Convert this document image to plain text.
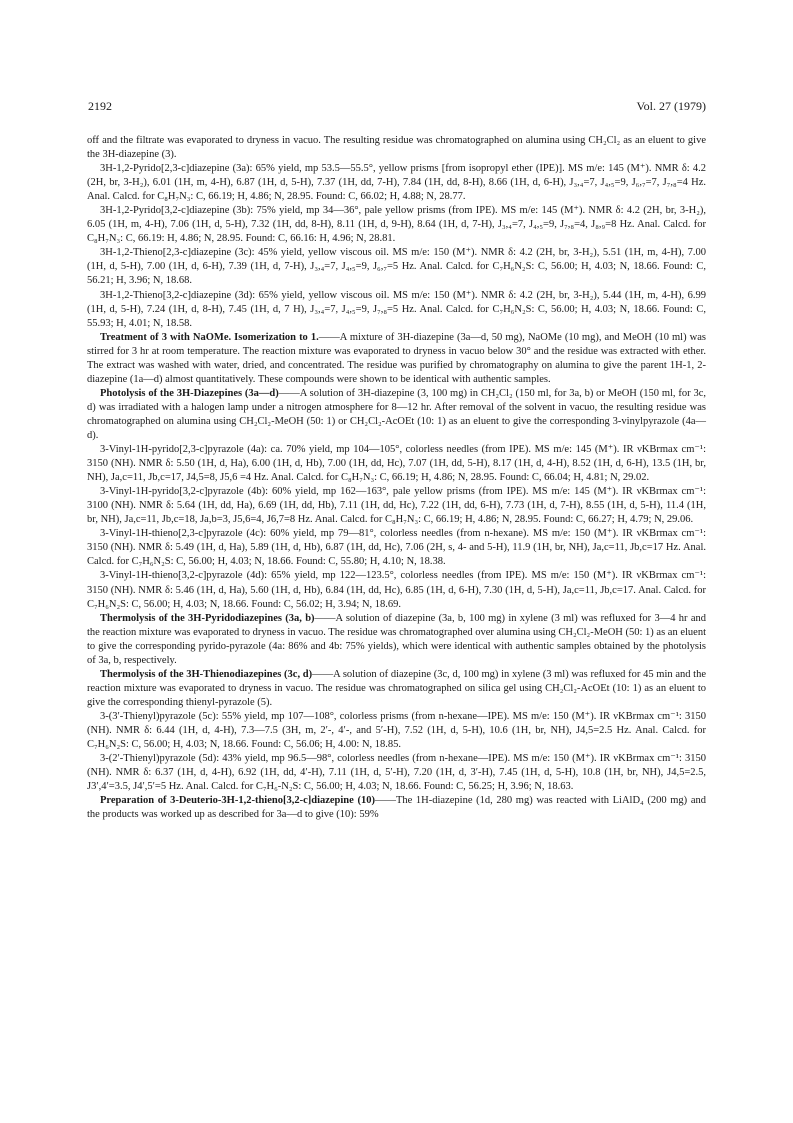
2192	Vol. 27 (1979)

off and the filtrate was evaporated to dryness in vacuo. The resulting residue was chromatographed on alumina using CH₂Cl₂ as an eluent to give the 3H-diazepine (3).

3H-1,2-Pyrido[2,3-c]diazepine (3a): 65% yield, mp 53.5—55.5°, yellow prisms [from isopropyl ether (IPE)]. MS m/e: 145 (M⁺). NMR δ: 4.2 (2H, br, 3-H₂), 6.01 (1H, m, 4-H), 6.87 (1H, d, 5-H), 7.37 (1H, dd, 7-H), 7.84 (1H, dd, 8-H), 8.66 (1H, d, 6-H), J₃,₄=7, J₄,₅=9, J₆,₇=7, J₇,₈=4 Hz. Anal. Calcd. for C₈H₇N₃: C, 66.19; H, 4.86; N, 28.95. Found: C, 66.02; H, 4.88; N, 28.77.

3H-1,2-Pyrido[3,2-c]diazepine (3b): 75% yield, mp 34—36°, pale yellow prisms (from IPE). MS m/e: 145 (M⁺). NMR δ: 4.2 (2H, br, 3-H₂), 6.05 (1H, m, 4-H), 7.06 (1H, d, 5-H), 7.32 (1H, dd, 8-H), 8.11 (1H, d, 9-H), 8.64 (1H, d, 7-H), J₃,₄=7, J₄,₅=9, J₇,₈=4, J₈,₉=8 Hz. Anal. Calcd. for C₈H₇N₃: C, 66.19: H, 4.86; N, 28.95. Found: C, 66.16: H, 4.96; N, 28.81.

3H-1,2-Thieno[2,3-c]diazepine (3c): 45% yield, yellow viscous oil. MS m/e: 150 (M⁺). NMR δ: 4.2 (2H, br, 3-H₂), 5.51 (1H, m, 4-H), 7.00 (1H, d, 5-H), 7.00 (1H, d, 6-H), 7.39 (1H, d, 7-H), J₃,₄=7, J₄,₅=9, J₆,₇=5 Hz. Anal. Calcd. for C₇H₆N₂S: C, 56.00; H, 4.03; N, 18.66. Found: C, 56.21; H, 3.96; N, 18.68.

3H-1,2-Thieno[3,2-c]diazepine (3d): 65% yield, yellow viscous oil. MS m/e: 150 (M⁺). NMR δ: 4.2 (2H, br, 3-H₂), 5.44 (1H, m, 4-H), 6.99 (1H, d, 5-H), 7.24 (1H, d, 8-H), 7.45 (1H, d, 7 H), J₃,₄=7, J₄,₅=9, J₇,₈=5 Hz. Anal. Calcd. for C₇H₆N₂S: C, 56.00; H, 4.03; N, 18.66. Found: C, 55.93; H, 4.01; N, 18.58.

Treatment of 3 with NaOMe. Isomerization to 1.——A mixture of 3H-diazepine (3a—d, 50 mg), NaOMe (10 mg), and MeOH (10 ml) was stirred for 3 hr at room temperature. The reaction mixture was evaporated to dryness in vacuo below 30° and the residue was extracted with ether. The extract was washed with water, dried, and concentrated. The residue was purified by chromatography on alumina to give the parent 1H-1, 2-diazepine (1a—d) almost quantitatively. These compounds were shown to be identical with authentic samples.

Photolysis of the 3H-Diazepines (3a—d)——A solution of 3H-diazepine (3, 100 mg) in CH₂Cl₂ (150 ml, for 3a, b) or MeOH (150 ml, for 3c, d) was irradiated with a halogen lamp under a nitrogen atmosphere for 8—12 hr. After removal of the solvent in vacuo, the resulting residue was chromatographed on alumina using CH₂Cl₂-MeOH (50: 1) or CH₂Cl₂-AcOEt (10: 1) as an eluent to give the corresponding 3-vinylpyrazole (4a—d).

3-Vinyl-1H-pyrido[2,3-c]pyrazole (4a): ca. 70% yield, mp 104—105°, colorless needles (from IPE). MS m/e: 145 (M⁺). IR νKBrmax cm⁻¹: 3150 (NH). NMR δ: 5.50 (1H, d, Ha), 6.00 (1H, d, Hb), 7.00 (1H, dd, Hc), 7.07 (1H, dd, 5-H), 8.17 (1H, d, 4-H), 8.52 (1H, d, 6-H), 13.5 (1H, br, NH), Ja,c=11, Jb,c=17, J4,5=8, J5,6 =4 Hz. Anal. Calcd. for C₈H₇N₃: C, 66.19; H, 4.86; N, 28.95. Found: C, 66.04; H, 4.81; N, 29.02.

3-Vinyl-1H-pyrido[3,2-c]pyrazole (4b): 60% yield, mp 162—163°, pale yellow prisms (from IPE). MS m/e: 145 (M⁺). IR νKBrmax cm⁻¹: 3100 (NH). NMR δ: 5.64 (1H, dd, Ha), 6.69 (1H, dd, Hb), 7.11 (1H, dd, Hc), 7.22 (1H, dd, 6-H), 7.73 (1H, d, 7-H), 8.55 (1H, d, 5-H), 11.4 (1H, br, NH), Ja,c=11, Jb,c=18, Ja,b=3, J5,6=4, J6,7=8 Hz. Anal. Calcd. for C₈H₇N₃: C, 66.19; H, 4.86; N, 28.95. Found: C, 66.27; H, 4.79; N, 29.06.

3-Vinyl-1H-thieno[2,3-c]pyrazole (4c): 60% yield, mp 79—81°, colorless needles (from n-hexane). MS m/e: 150 (M⁺). IR νKBrmax cm⁻¹: 3150 (NH). NMR δ: 5.49 (1H, d, Ha), 5.89 (1H, d, Hb), 6.87 (1H, dd, Hc), 7.06 (2H, s, 4- and 5-H), 11.9 (1H, br, NH), Ja,c=11, Jb,c=17 Hz. Anal. Calcd. for C₇H₆N₂S: C, 56.00; H, 4.03; N, 18.66. Found: C, 55.80; H, 4.10; N, 18.38.

3-Vinyl-1H-thieno[3,2-c]pyrazole (4d): 65% yield, mp 122—123.5°, colorless needles (from IPE). MS m/e: 150 (M⁺). IR νKBrmax cm⁻¹: 3150 (NH). NMR δ: 5.46 (1H, d, Ha), 5.60 (1H, d, Hb), 6.84 (1H, dd, Hc), 6.85 (1H, d, 6-H), 7.30 (1H, d, 5-H), Ja,c=11, Jb,c=17. Anal. Calcd. for C₇H₆N₂S: C, 56.00; H, 4.03; N, 18.66. Found: C, 56.02; H, 3.94; N, 18.69.

Thermolysis of the 3H-Pyridodiazepines (3a, b)——A solution of diazepine (3a, b, 100 mg) in xylene (3 ml) was refluxed for 3—4 hr and the reaction mixture was evaporated to dryness in vacuo. The residue was chromatographed over alumina using CH₂Cl₂-MeOH (50: 1) as an eluent to give the corresponding pyrido-pyrazole (4a: 86% and 4b: 75% yields), which were identical with authentic samples obtained by the photolysis of 3a, b, respectively.

Thermolysis of the 3H-Thienodiazepines (3c, d)——A solution of diazepine (3c, d, 100 mg) in xylene (3 ml) was refluxed for 45 min and the reaction mixture was evaporated to dryness in vacuo. The residue was chromatographed on silica gel using CH₂Cl₂-AcOEt (10: 1) as an eluent to give the corresponding thienyl-pyrazole (5).

3-(3′-Thienyl)pyrazole (5c): 55% yield, mp 107—108°, colorless prisms (from n-hexane—IPE). MS m/e: 150 (M⁺). IR νKBrmax cm⁻¹: 3150 (NH). NMR δ: 6.44 (1H, d, 4-H), 7.3—7.5 (3H, m, 2′-, 4′-, and 5′-H), 7.52 (1H, d, 5-H), 10.6 (1H, br, NH), J4,5=2.5 Hz. Anal. Calcd. for C₇H₆N₂S: C, 56.00; H, 4.03; N, 18.66. Found: C, 56.06; H, 4.00: N, 18.85.

3-(2′-Thienyl)pyrazole (5d): 43% yield, mp 96.5—98°, colorless needles (from n-hexane—IPE). MS m/e: 150 (M⁺). IR νKBrmax cm⁻¹: 3150 (NH). NMR δ: 6.37 (1H, d, 4-H), 6.92 (1H, dd, 4′-H), 7.11 (1H, d, 5′-H), 7.20 (1H, d, 3′-H), 7.45 (1H, d, 5-H), 10.8 (1H, br, NH), J4,5=2.5, J3′,4′=3.5, J4′,5′=5 Hz. Anal. Calcd. for C₇H₆-N₂S: C, 56.00; H, 4.03; N, 18.66. Found: C, 56.25; H, 3.96; N, 18.63.

Preparation of 3-Deuterio-3H-1,2-thieno[3,2-c]diazepine (10)——The 1H-diazepine (1d, 280 mg) was reacted with LiAlD₄ (200 mg) and the products was worked up as described for 3a—d to give (10): 59%
